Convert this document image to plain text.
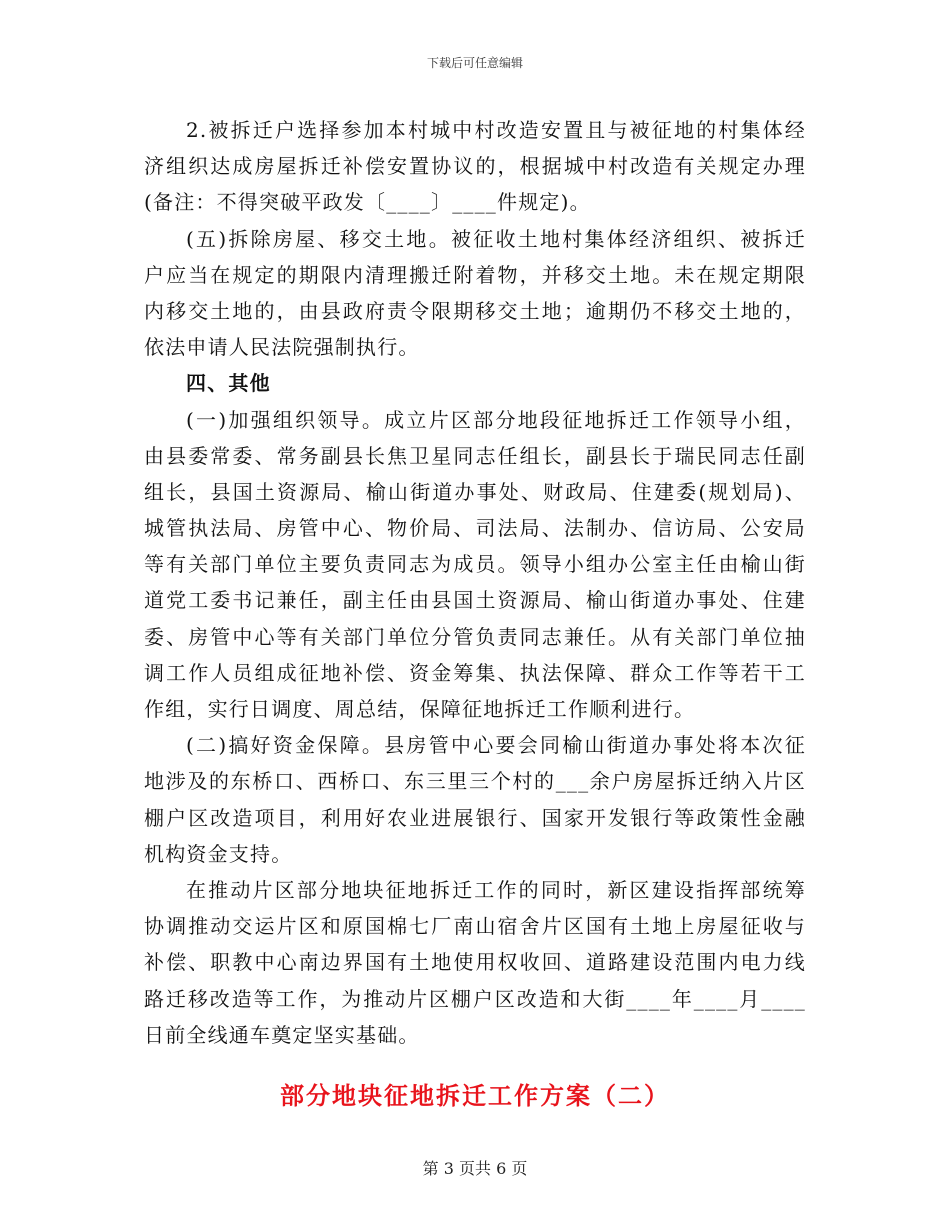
下载后可任意编辑
2.被拆迁户选择参加本村城中村改造安置且与被征地的村集体经
济组织达成房屋拆迁补偿安置协议的，根据城中村改造有关规定办理
(备注：不得突破平政发〔____〕____件规定)。
(五)拆除房屋、移交土地。被征收土地村集体经济组织、被拆迁
户应当在规定的期限内清理搬迁附着物，并移交土地。未在规定期限
内移交土地的，由县政府责令限期移交土地；逾期仍不移交土地的，
依法申请人民法院强制执行。
四、其他
(一)加强组织领导。成立片区部分地段征地拆迁工作领导小组，
由县委常委、常务副县长焦卫星同志任组长，副县长于瑞民同志任副
组长，县国土资源局、榆山街道办事处、财政局、住建委(规划局)、
城管执法局、房管中心、物价局、司法局、法制办、信访局、公安局
等有关部门单位主要负责同志为成员。领导小组办公室主任由榆山街
道党工委书记兼任，副主任由县国土资源局、榆山街道办事处、住建
委、房管中心等有关部门单位分管负责同志兼任。从有关部门单位抽
调工作人员组成征地补偿、资金筹集、执法保障、群众工作等若干工
作组，实行日调度、周总结，保障征地拆迁工作顺利进行。
(二)搞好资金保障。县房管中心要会同榆山街道办事处将本次征
地涉及的东桥口、西桥口、东三里三个村的___余户房屋拆迁纳入片区
棚户区改造项目，利用好农业进展银行、国家开发银行等政策性金融
机构资金支持。
在推动片区部分地块征地拆迁工作的同时，新区建设指挥部统筹
协调推动交运片区和原国棉七厂南山宿舍片区国有土地上房屋征收与
补偿、职教中心南边界国有土地使用权收回、道路建设范围内电力线
路迁移改造等工作，为推动片区棚户区改造和大街____年____月____
日前全线通车奠定坚实基础。
部分地块征地拆迁工作方案（二）
第 3 页共 6 页
